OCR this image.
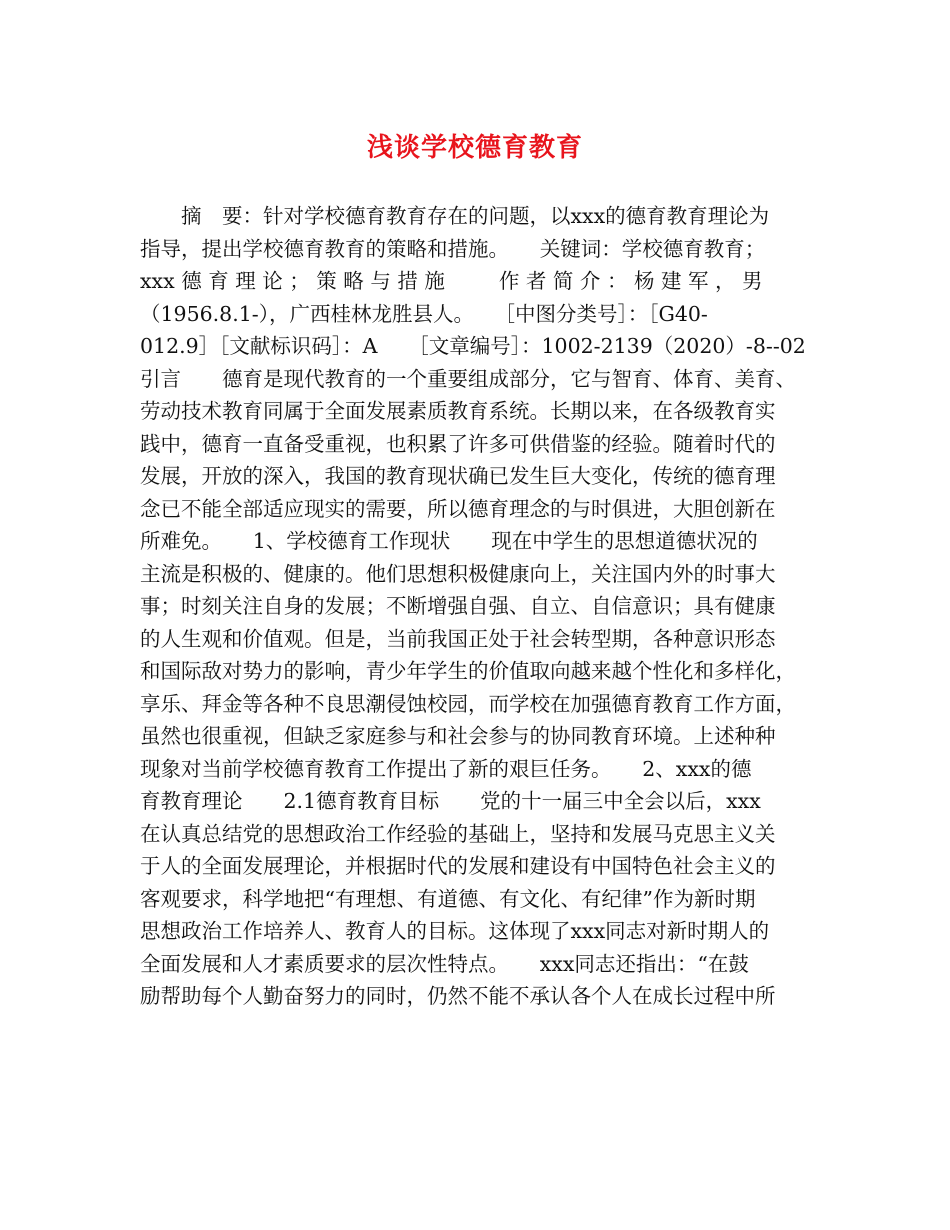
浅谈学校德育教育
　　摘　要：针对学校德育教育存在的问题，以xxx的德育教育理论为
指导，提出学校德育教育的策略和措施。　　关键词：学校德育教育；
xxx 德 育 理 论 ； 策 略 与 措 施 　　 作 者 简 介 ： 杨 建 军 ， 男
（1956.8.1-），广西桂林龙胜县人。　　［中图分类号］：［G40-
012.9］［文献标识码］：A　　［文章编号］：1002-2139（2020）-8--02
引言　　德育是现代教育的一个重要组成部分，它与智育、体育、美育、
劳动技术教育同属于全面发展素质教育系统。长期以来，在各级教育实
践中，德育一直备受重视，也积累了许多可供借鉴的经验。随着时代的
发展，开放的深入，我国的教育现状确已发生巨大变化，传统的德育理
念已不能全部适应现实的需要，所以德育理念的与时俱进，大胆创新在
所难免。　　1、学校德育工作现状　　现在中学生的思想道德状况的
主流是积极的、健康的。他们思想积极健康向上，关注国内外的时事大
事；时刻关注自身的发展；不断增强自强、自立、自信意识；具有健康
的人生观和价值观。但是，当前我国正处于社会转型期，各种意识形态
和国际敌对势力的影响，青少年学生的价值取向越来越个性化和多样化，
享乐、拜金等各种不良思潮侵蚀校园，而学校在加强德育教育工作方面，
虽然也很重视，但缺乏家庭参与和社会参与的协同教育环境。上述种种
现象对当前学校德育教育工作提出了新的艰巨任务。　　2、xxx的德
育教育理论　　2.1德育教育目标　　党的十一届三中全会以后，xxx
在认真总结党的思想政治工作经验的基础上，坚持和发展马克思主义关
于人的全面发展理论，并根据时代的发展和建设有中国特色社会主义的
客观要求，科学地把“有理想、有道德、有文化、有纪律”作为新时期
思想政治工作培养人、教育人的目标。这体现了xxx同志对新时期人的
全面发展和人才素质要求的层次性特点。　　xxx同志还指出：“在鼓
励帮助每个人勤奋努力的同时，仍然不能不承认各个人在成长过程中所
